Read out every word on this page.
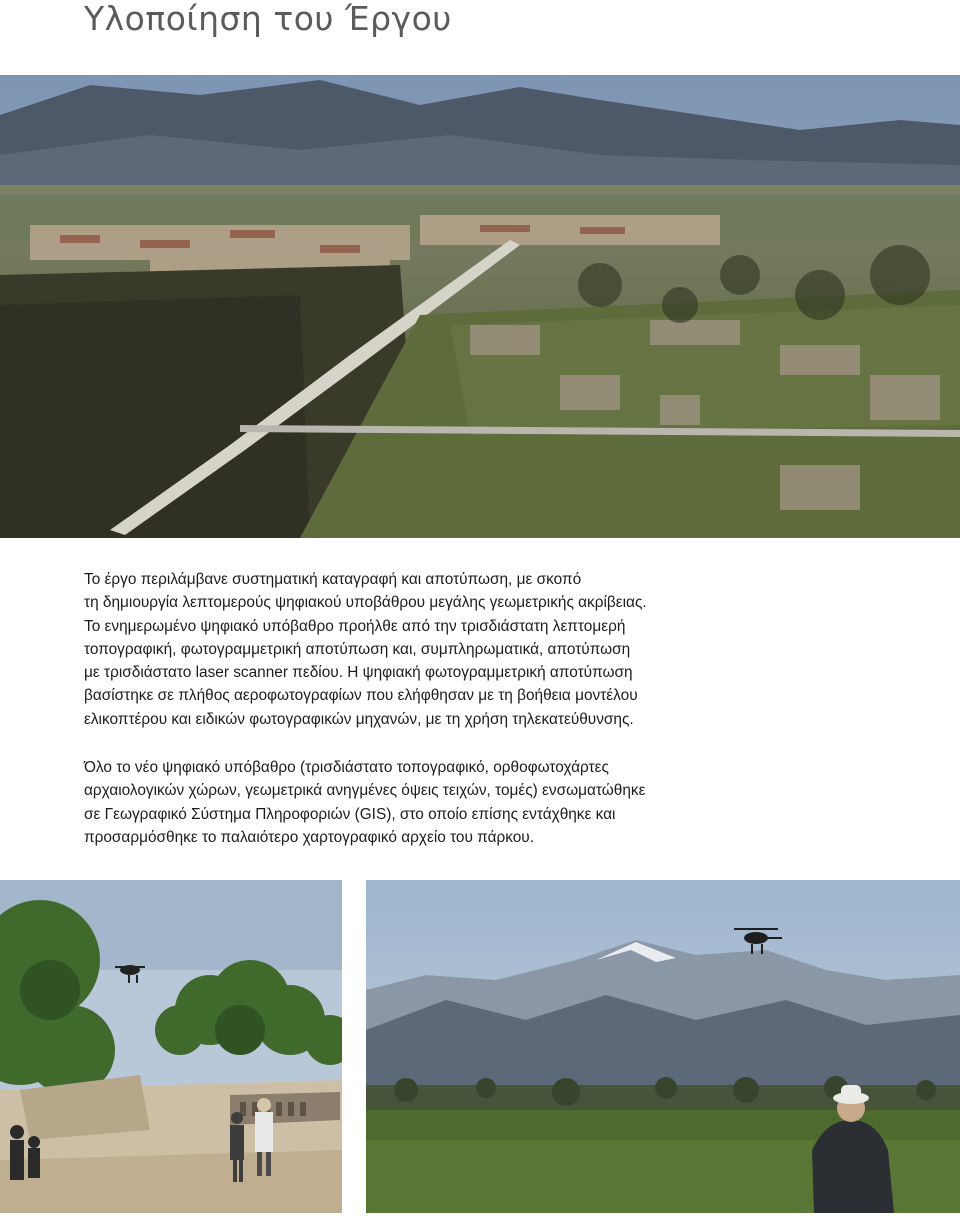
Υλοποίηση του Έργου

Το έργο περιλάμβανε συστηματική καταγραφή και αποτύπωση, με σκοπό
τη δημιουργία λεπτομερούς ψηφιακού υποβάθρου μεγάλης γεωμετρικής ακρίβειας.
Το ενημερωμένο ψηφιακό υπόβαθρο προήλθε από την τρισδιάστατη λεπτομερή
τοπογραφική, φωτογραμμετρική αποτύπωση και, συμπληρωματικά, αποτύπωση
με τρισδιάστατο laser scanner πεδίου. Η ψηφιακή φωτογραμμετρική αποτύπωση
βασίστηκε σε πλήθος αεροφωτογραφίων που ελήφθησαν με τη βοήθεια μοντέλου
ελικοπτέρου και ειδικών φωτογραφικών μηχανών, με τη χρήση τηλεκατεύθυνσης.

Όλο το νέο ψηφιακό υπόβαθρο (τρισδιάστατο τοπογραφικό, ορθοφωτοχάρτες
αρχαιολογικών χώρων, γεωμετρικά ανηγμένες όψεις τειχών, τομές) ενσωματώθηκε
σε Γεωγραφικό Σύστημα Πληροφοριών (GIS), στο οποίο επίσης εντάχθηκε και
προσαρμόσθηκε το παλαιότερο χαρτογραφικό αρχείο του πάρκου.
